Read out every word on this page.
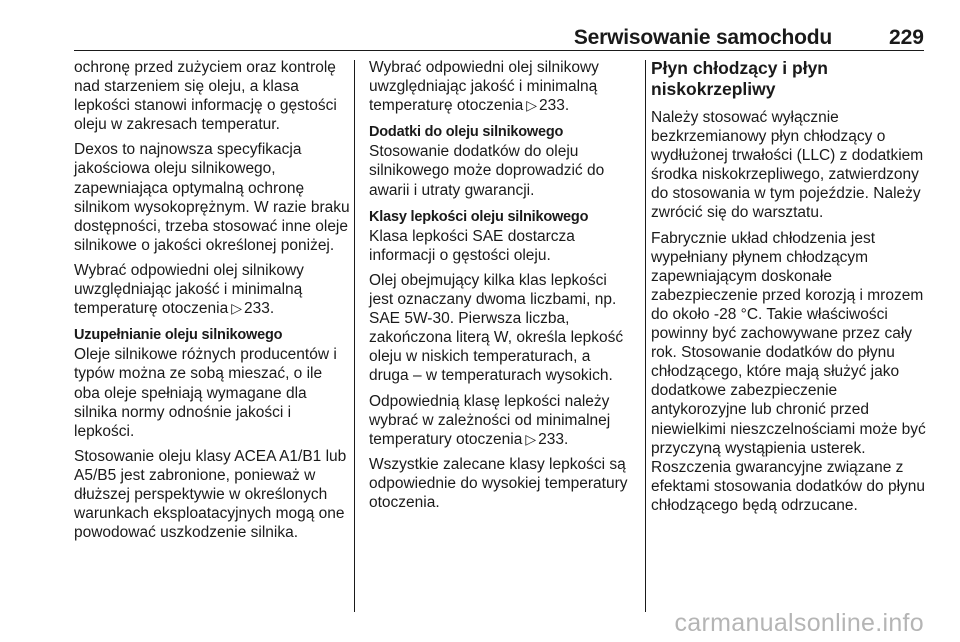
Serwisowanie samochodu	229

ochronę przed zużyciem oraz kontrolę nad starzeniem się oleju, a klasa lepkości stanowi informację o gęstości oleju w zakresach temperatur.

Dexos to najnowsza specyfikacja jakościowa oleju silnikowego, zapewniająca optymalną ochronę silnikom wysokoprężnym. W razie braku dostępności, trzeba stosować inne oleje silnikowe o jakości określonej poniżej.

Wybrać odpowiedni olej silnikowy uwzględniając jakość i minimalną temperaturę otoczenia ▷ 233.

Uzupełnianie oleju silnikowego

Oleje silnikowe różnych producentów i typów można ze sobą mieszać, o ile oba oleje spełniają wymagane dla silnika normy odnośnie jakości i lepkości.

Stosowanie oleju klasy ACEA A1/B1 lub A5/B5 jest zabronione, ponieważ w dłuższej perspektywie w określonych warunkach eksploatacyjnych mogą one powodować uszkodzenie silnika.

Wybrać odpowiedni olej silnikowy uwzględniając jakość i minimalną temperaturę otoczenia ▷ 233.

Dodatki do oleju silnikowego

Stosowanie dodatków do oleju silnikowego może doprowadzić do awarii i utraty gwarancji.

Klasy lepkości oleju silnikowego

Klasa lepkości SAE dostarcza informacji o gęstości oleju.

Olej obejmujący kilka klas lepkości jest oznaczany dwoma liczbami, np. SAE 5W-30. Pierwsza liczba, zakończona literą W, określa lepkość oleju w niskich temperaturach, a druga – w temperaturach wysokich.

Odpowiednią klasę lepkości należy wybrać w zależności od minimalnej temperatury otoczenia ▷ 233.

Wszystkie zalecane klasy lepkości są odpowiednie do wysokiej temperatury otoczenia.

Płyn chłodzący i płyn niskokrzepliwy

Należy stosować wyłącznie bezkrzemianowy płyn chłodzący o wydłużonej trwałości (LLC) z dodatkiem środka niskokrzepliwego, zatwierdzony do stosowania w tym pojeździe. Należy zwrócić się do warsztatu.

Fabrycznie układ chłodzenia jest wypełniany płynem chłodzącym zapewniającym doskonałe zabezpieczenie przed korozją i mrozem do około -28 °C. Takie właściwości powinny być zachowywane przez cały rok. Stosowanie dodatków do płynu chłodzącego, które mają służyć jako dodatkowe zabezpieczenie antykorozyjne lub chronić przed niewielkimi nieszczelnościami może być przyczyną wystąpienia usterek. Roszczenia gwarancyjne związane z efektami stosowania dodatków do płynu chłodzącego będą odrzucane.

carmanualsonline.info
